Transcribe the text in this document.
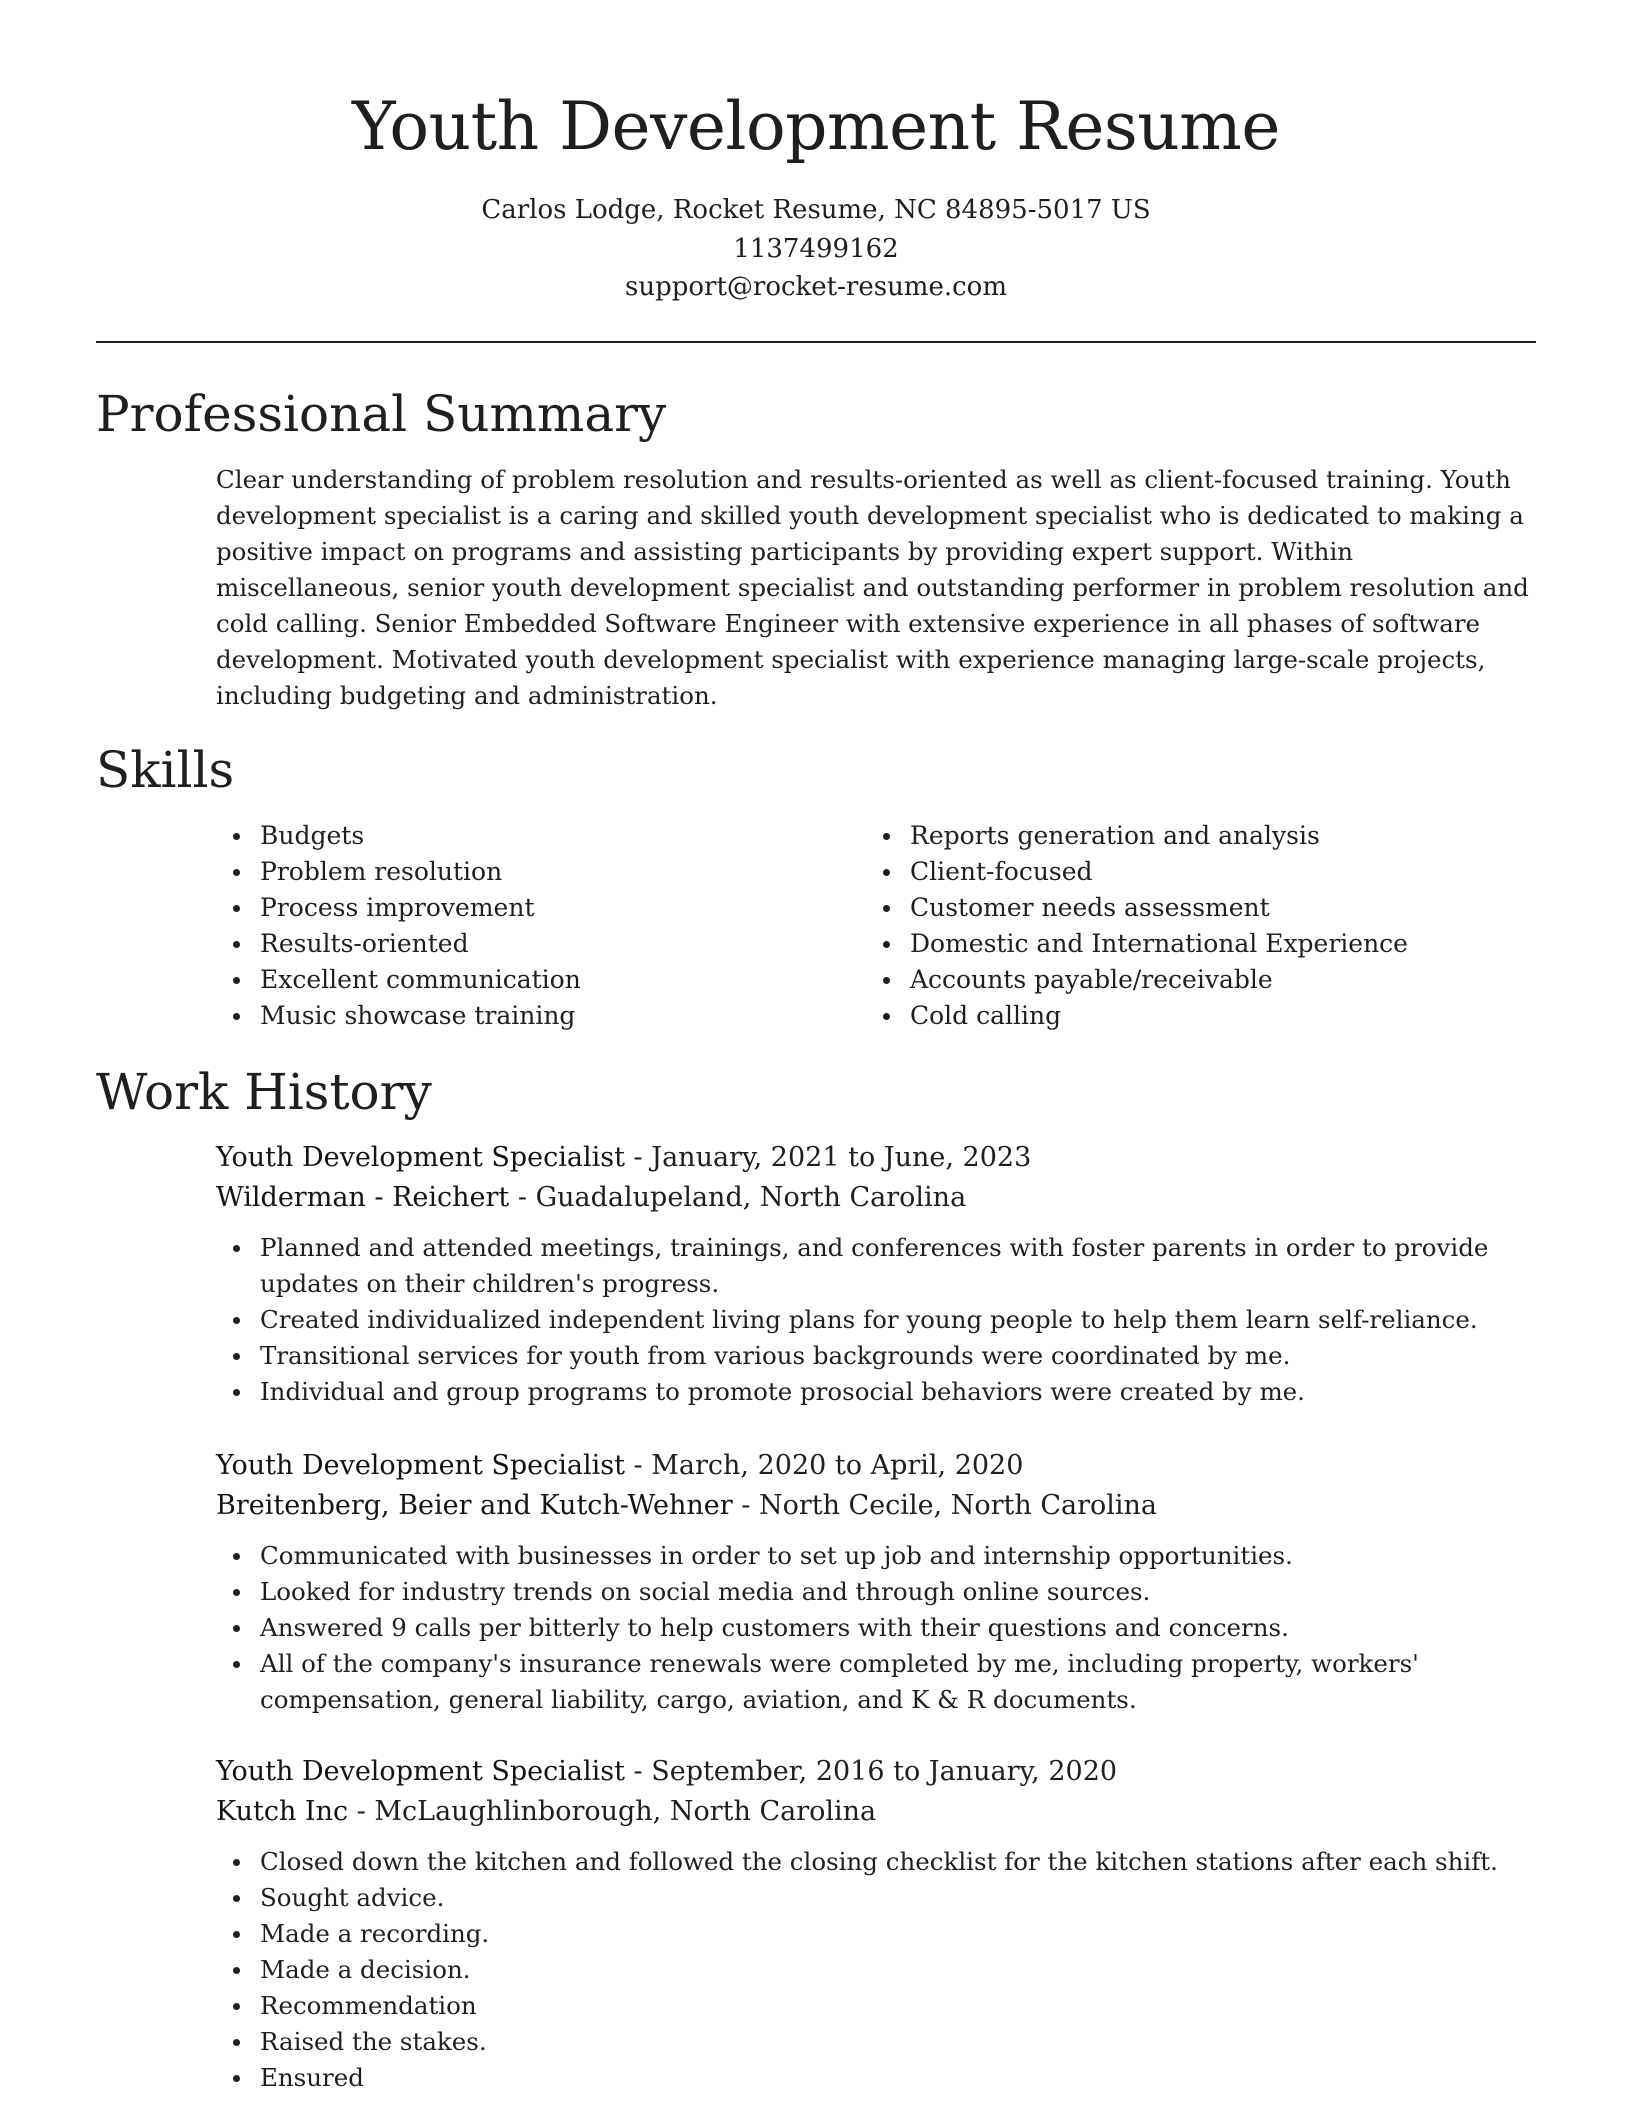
Youth Development Resume
Carlos Lodge, Rocket Resume, NC 84895-5017 US
1137499162
support@rocket-resume.com
Professional Summary

Clear understanding of problem resolution and results-oriented as well as client-focused training. Youth development specialist is a caring and skilled youth development specialist who is dedicated to making a positive impact on programs and assisting participants by providing expert support. Within miscellaneous, senior youth development specialist and outstanding performer in problem resolution and cold calling. Senior Embedded Software Engineer with extensive experience in all phases of software development. Motivated youth development specialist with experience managing large-scale projects, including budgeting and administration.

Skills
Budgets
Problem resolution
Process improvement
Results-oriented
Excellent communication
Music showcase training
Reports generation and analysis
Client-focused
Customer needs assessment
Domestic and International Experience
Accounts payable/receivable
Cold calling
Work History
Youth Development Specialist - January, 2021 to June, 2023
Wilderman - Reichert - Guadalupeland, North Carolina
Planned and attended meetings, trainings, and conferences with foster parents in order to provide updates on their children's progress.
Created individualized independent living plans for young people to help them learn self-reliance.
Transitional services for youth from various backgrounds were coordinated by me.
Individual and group programs to promote prosocial behaviors were created by me.
Youth Development Specialist - March, 2020 to April, 2020
Breitenberg, Beier and Kutch-Wehner - North Cecile, North Carolina
Communicated with businesses in order to set up job and internship opportunities.
Looked for industry trends on social media and through online sources.
Answered 9 calls per bitterly to help customers with their questions and concerns.
All of the company's insurance renewals were completed by me, including property, workers' compensation, general liability, cargo, aviation, and K & R documents.
Youth Development Specialist - September, 2016 to January, 2020
Kutch Inc - McLaughlinborough, North Carolina
Closed down the kitchen and followed the closing checklist for the kitchen stations after each shift.
Sought advice.
Made a recording.
Made a decision.
Recommendation
Raised the stakes.
Ensured
